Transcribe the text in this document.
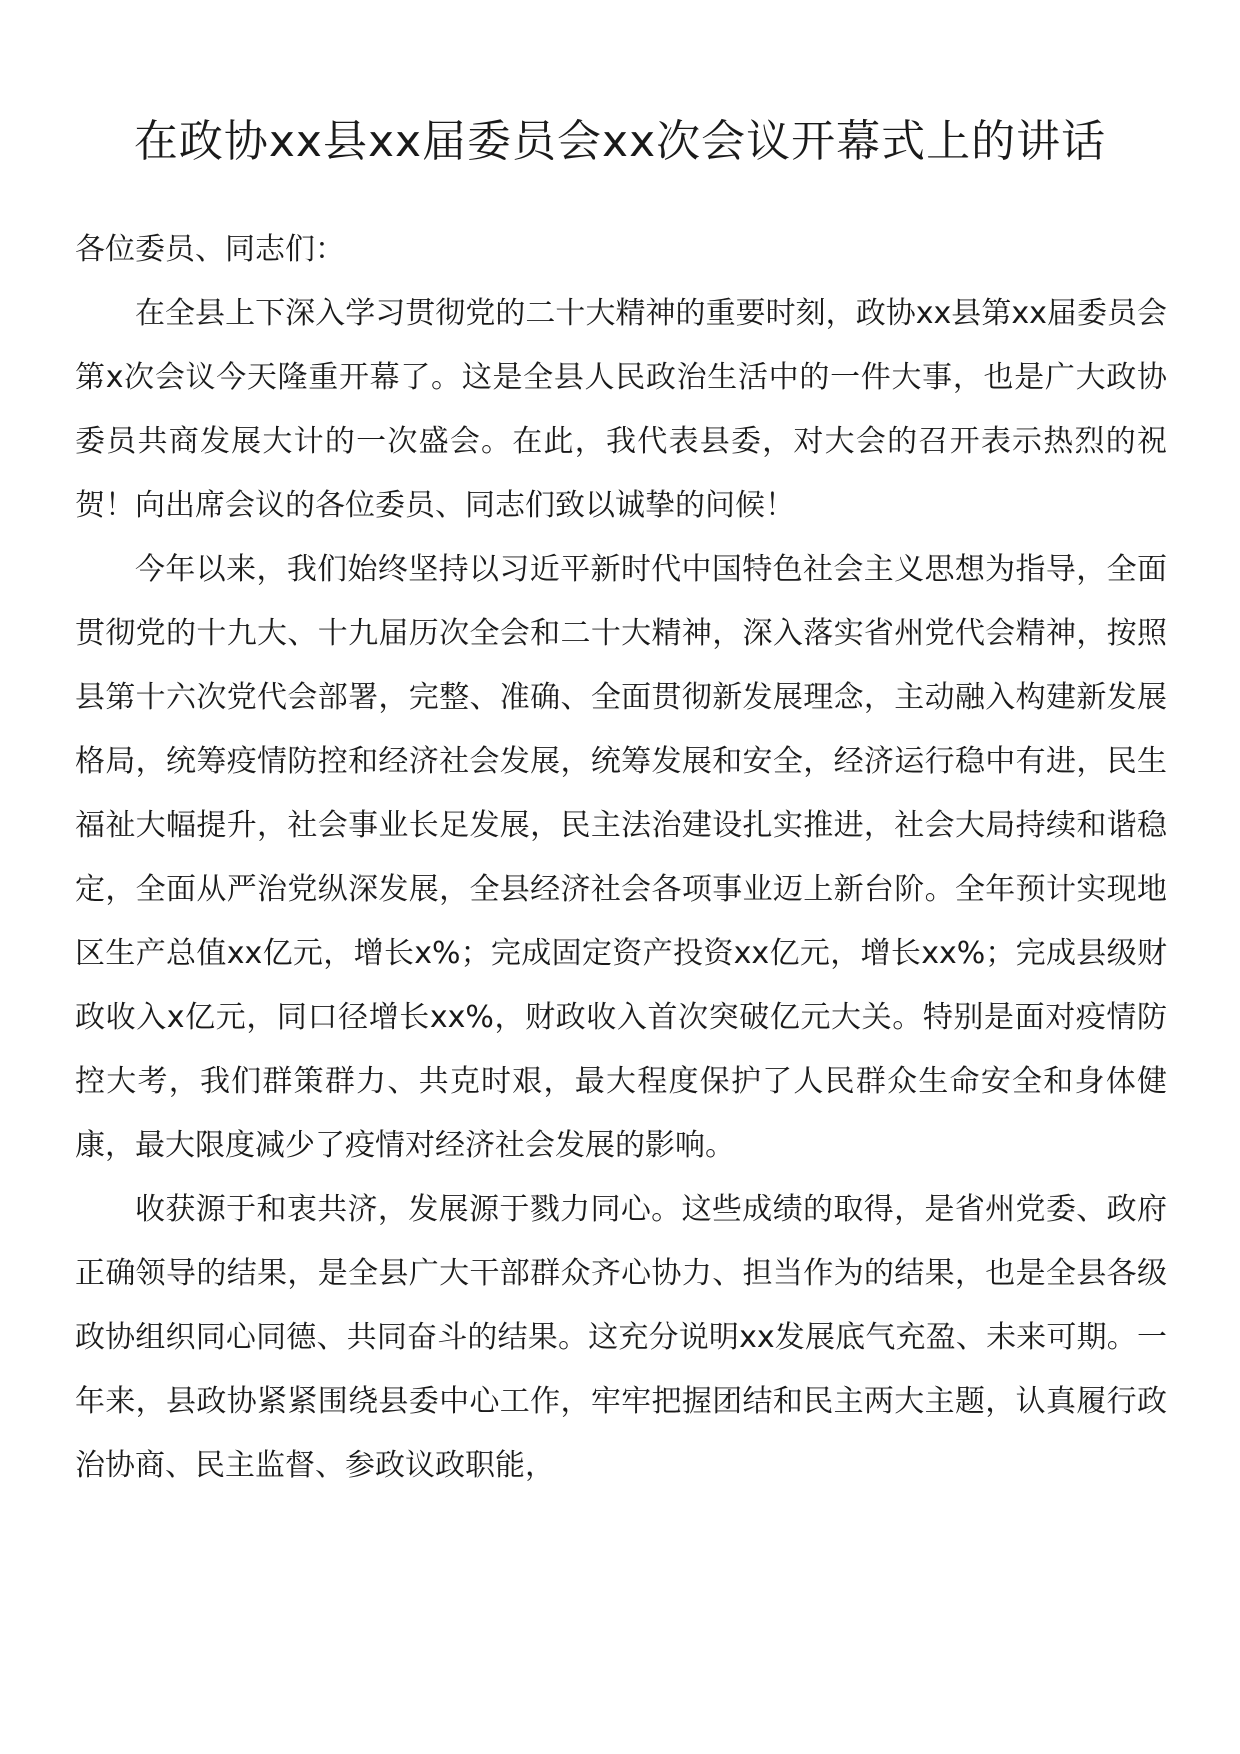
在政协xx县xx届委员会xx次会议开幕式上的讲话

各位委员、同志们：

在全县上下深入学习贯彻党的二十大精神的重要时刻，政协xx县第xx届委员会第x次会议今天隆重开幕了。这是全县人民政治生活中的一件大事，也是广大政协委员共商发展大计的一次盛会。在此，我代表县委，对大会的召开表示热烈的祝贺！向出席会议的各位委员、同志们致以诚挚的问候！

今年以来，我们始终坚持以习近平新时代中国特色社会主义思想为指导，全面贯彻党的十九大、十九届历次全会和二十大精神，深入落实省州党代会精神，按照县第十六次党代会部署，完整、准确、全面贯彻新发展理念，主动融入构建新发展格局，统筹疫情防控和经济社会发展，统筹发展和安全，经济运行稳中有进，民生福祉大幅提升，社会事业长足发展，民主法治建设扎实推进，社会大局持续和谐稳定，全面从严治党纵深发展，全县经济社会各项事业迈上新台阶。全年预计实现地区生产总值xx亿元，增长x%；完成固定资产投资xx亿元，增长xx%；完成县级财政收入x亿元，同口径增长xx%，财政收入首次突破亿元大关。特别是面对疫情防控大考，我们群策群力、共克时艰，最大程度保护了人民群众生命安全和身体健康，最大限度减少了疫情对经济社会发展的影响。

收获源于和衷共济，发展源于戮力同心。这些成绩的取得，是省州党委、政府正确领导的结果，是全县广大干部群众齐心协力、担当作为的结果，也是全县各级政协组织同心同德、共同奋斗的结果。这充分说明xx发展底气充盈、未来可期。一年来，县政协紧紧围绕县委中心工作，牢牢把握团结和民主两大主题，认真履行政治协商、民主监督、参政议政职能，
